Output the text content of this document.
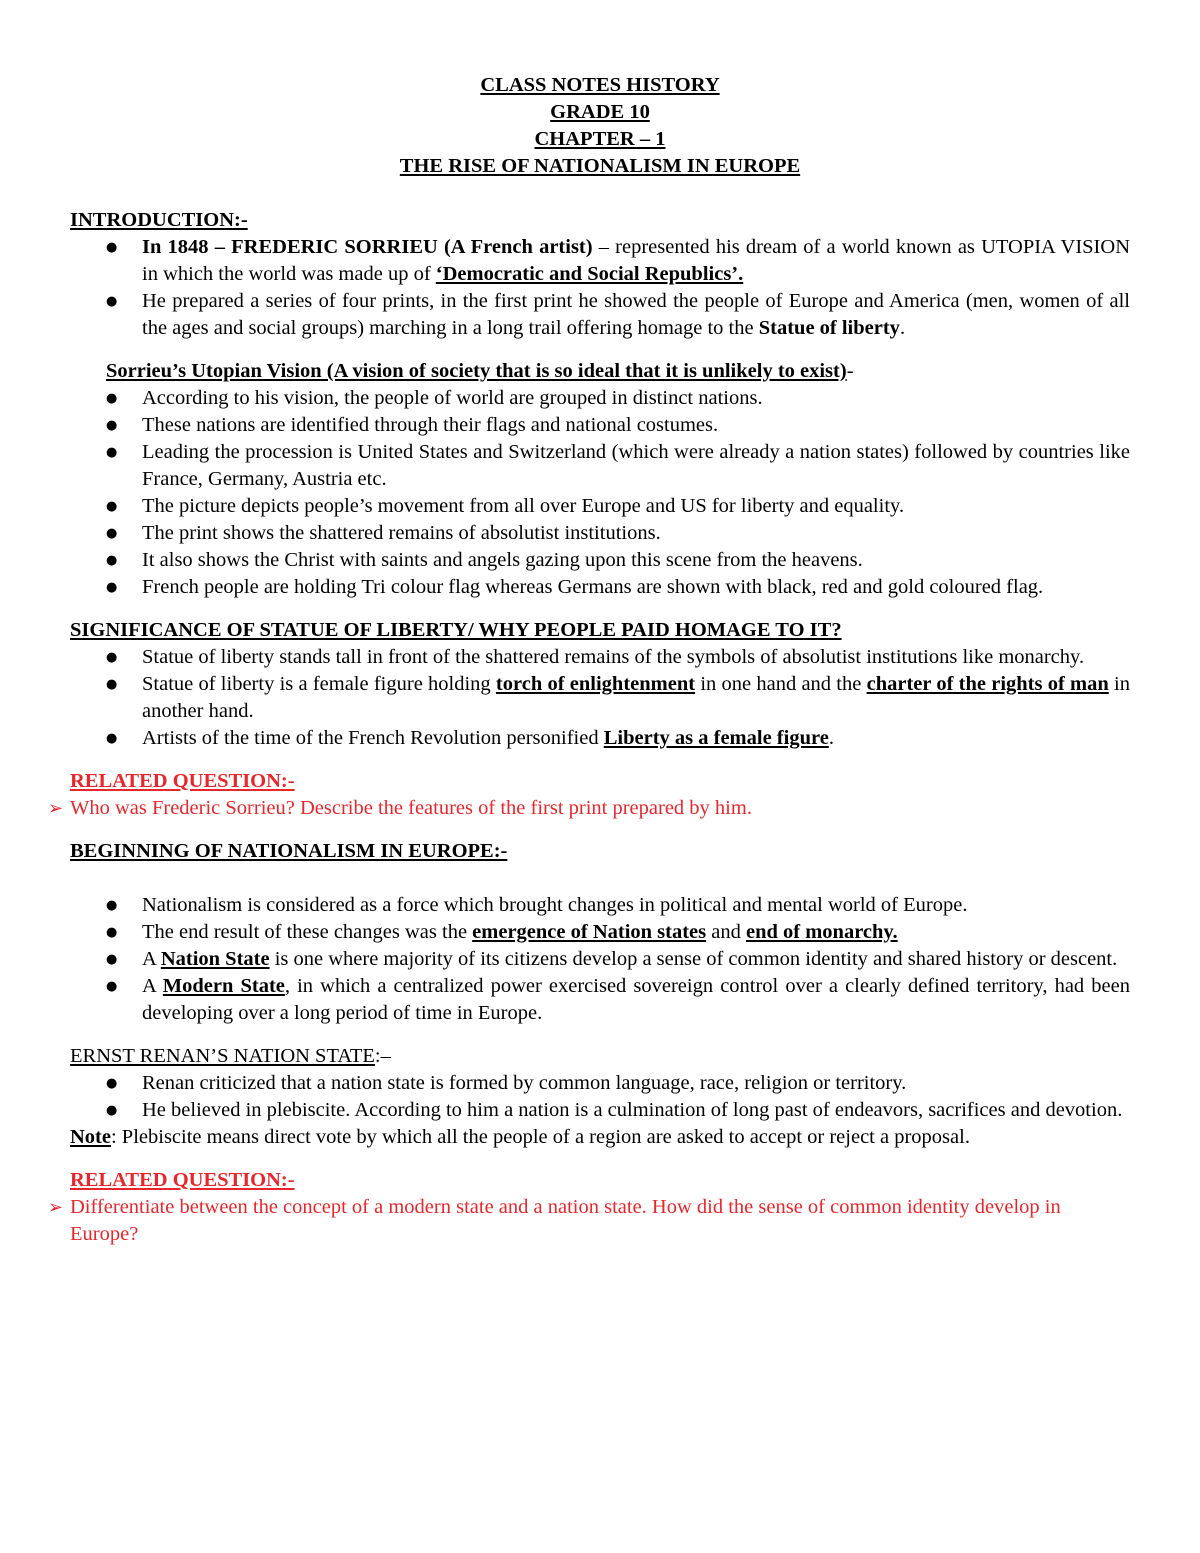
CLASS NOTES HISTORY
GRADE 10
CHAPTER – 1
THE RISE OF NATIONALISM IN EUROPE
INTRODUCTION:-
● In 1848 – FREDERIC SORRIEU (A French artist) – represented his dream of a world known as UTOPIA VISION in which the world was made up of ‘Democratic and Social Republics’.
● He prepared a series of four prints, in the first print he showed the people of Europe and America (men, women of all the ages and social groups) marching in a long trail offering homage to the Statue of liberty.
Sorrieu’s Utopian Vision (A vision of society that is so ideal that it is unlikely to exist)-
● According to his vision, the people of world are grouped in distinct nations.
● These nations are identified through their flags and national costumes.
● Leading the procession is United States and Switzerland (which were already a nation states) followed by countries like France, Germany, Austria etc.
● The picture depicts people’s movement from all over Europe and US for liberty and equality.
● The print shows the shattered remains of absolutist institutions.
● It also shows the Christ with saints and angels gazing upon this scene from the heavens.
● French people are holding Tri colour flag whereas Germans are shown with black, red and gold coloured flag.
SIGNIFICANCE OF STATUE OF LIBERTY/ WHY PEOPLE PAID HOMAGE TO IT?
● Statue of liberty stands tall in front of the shattered remains of the symbols of absolutist institutions like monarchy.
● Statue of liberty is a female figure holding torch of enlightenment in one hand and the charter of the rights of man in another hand.
● Artists of the time of the French Revolution personified Liberty as a female figure.
RELATED QUESTION:-
➢ Who was Frederic Sorrieu? Describe the features of the first print prepared by him.
BEGINNING OF NATIONALISM IN EUROPE:-
● Nationalism is considered as a force which brought changes in political and mental world of Europe.
● The end result of these changes was the emergence of Nation states and end of monarchy.
● A Nation State is one where majority of its citizens develop a sense of common identity and shared history or descent.
● A Modern State, in which a centralized power exercised sovereign control over a clearly defined territory, had been developing over a long period of time in Europe.
ERNST RENAN’S NATION STATE:–
● Renan criticized that a nation state is formed by common language, race, religion or territory.
● He believed in plebiscite. According to him a nation is a culmination of long past of endeavors, sacrifices and devotion.
Note: Plebiscite means direct vote by which all the people of a region are asked to accept or reject a proposal.
RELATED QUESTION:-
➢ Differentiate between the concept of a modern state and a nation state. How did the sense of common identity develop in Europe?
